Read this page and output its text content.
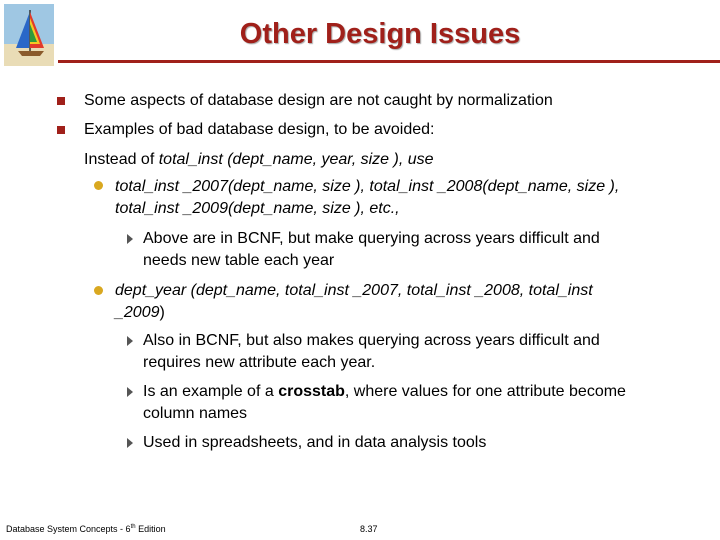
Other Design Issues
Some aspects of database design are not caught by normalization
Examples of bad database design, to be avoided:
Instead of total_inst (dept_name, year, size ), use
total_inst _2007(dept_name, size ), total_inst _2008(dept_name, size ),
total_inst _2009(dept_name, size ), etc.,
Above are in BCNF, but make querying across years difficult and
needs new table each year
dept_year (dept_name, total_inst _2007, total_inst _2008, total_inst
_2009)
Also in BCNF, but also makes querying across years difficult and
requires new attribute each year.
Is an example of a crosstab, where values for one attribute become
column names
Used in spreadsheets, and in data analysis tools
Database System Concepts - 6th Edition	8.37
